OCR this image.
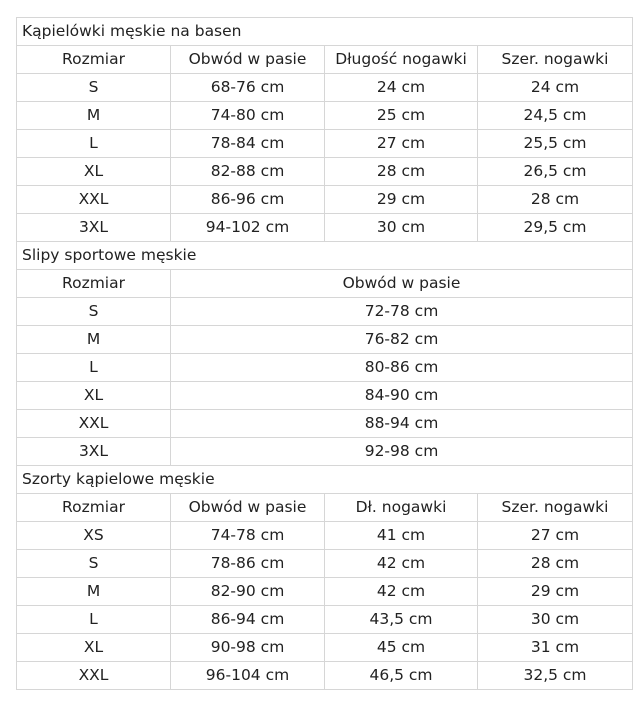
Kąpielówki męskie na basen			
Rozmiar	Obwód w pasie	Długość nogawki	Szer. nogawki
S	68-76 cm	24 cm	24 cm
M	74-80 cm	25 cm	24,5 cm
L	78-84 cm	27 cm	25,5 cm
XL	82-88 cm	28 cm	26,5 cm
XXL	86-96 cm	29 cm	28 cm
3XL	94-102 cm	30 cm	29,5 cm
Slipy sportowe męskie			
Rozmiar	Obwód w pasie		
S	72-78 cm		
M	76-82 cm		
L	80-86 cm		
XL	84-90 cm		
XXL	88-94 cm		
3XL	92-98 cm		
Szorty kąpielowe męskie			
Rozmiar	Obwód w pasie	Dł. nogawki	Szer. nogawki
XS	74-78 cm	41 cm	27 cm
S	78-86 cm	42 cm	28 cm
M	82-90 cm	42 cm	29 cm
L	86-94 cm	43,5 cm	30 cm
XL	90-98 cm	45 cm	31 cm
XXL	96-104 cm	46,5 cm	32,5 cm
